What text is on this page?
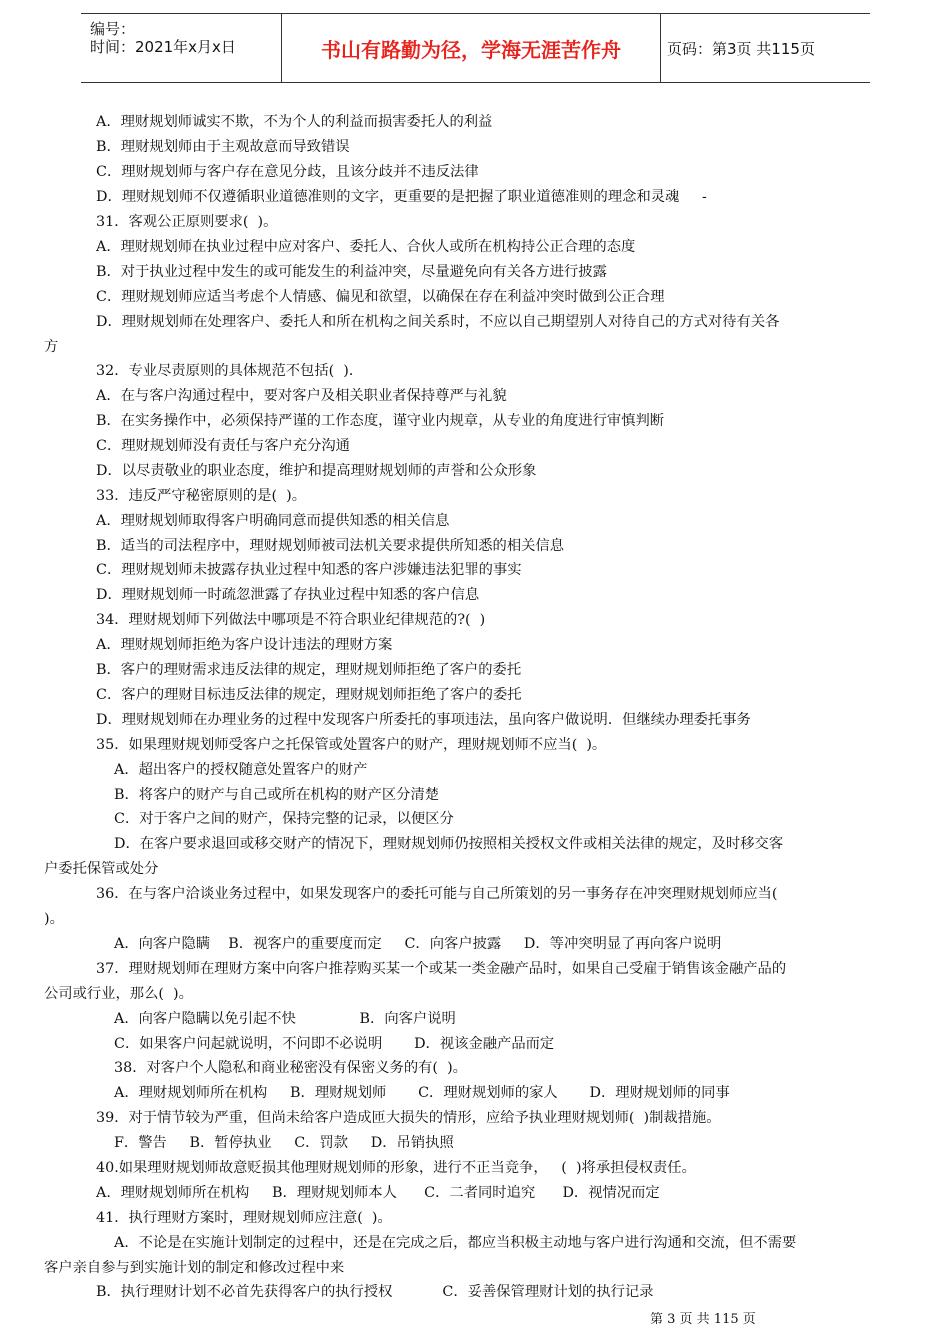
编号：
时间：2021年x月x日	书山有路勤为径，学海无涯苦作舟	页码：第3页 共115页
A．理财规划师诚实不欺，不为个人的利益而损害委托人的利益
B．理财规划师由于主观故意而导致错误
C．理财规划师与客户存在意见分歧，且该分歧并不违反法律
D．理财规划师不仅遵循职业道德准则的文字，更重要的是把握了职业道德准则的理念和灵魂     -
31．客观公正原则要求(  )。
A．理财规划师在执业过程中应对客户、委托人、合伙人或所在机构持公正合理的态度
B．对于执业过程中发生的或可能发生的利益冲突，尽量避免向有关各方进行披露
C．理财规划师应适当考虑个人情感、偏见和欲望，以确保在存在利益冲突时做到公正合理
D．理财规划师在处理客户、委托人和所在机构之间关系时，不应以自己期望别人对待自己的方式对待有关各
方
32．专业尽责原则的具体规范不包括(  )．
A．在与客户沟通过程中，要对客户及相关职业者保持尊严与礼貌
B．在实务操作中，必须保持严谨的工作态度，谨守业内规章，从专业的角度进行审慎判断
C．理财规划师没有责任与客户充分沟通
D．以尽责敬业的职业态度，维护和提高理财规划师的声誉和公众形象
33．违反严守秘密原则的是(  )。
A．理财规划师取得客户明确同意而提供知悉的相关信息
B．适当的司法程序中，理财规划师被司法机关要求提供所知悉的相关信息
C．理财规划师未披露存执业过程中知悉的客户涉嫌违法犯罪的事实
D．理财规划师一时疏忽泄露了存执业过程中知悉的客户信息
34．理财规划师下列做法中哪项是不符合职业纪律规范的?(  )
A．理财规划师拒绝为客户设计违法的理财方案
B．客户的理财需求违反法律的规定，理财规划师拒绝了客户的委托
C．客户的理财目标违反法律的规定，理财规划师拒绝了客户的委托
D．理财规划师在办理业务的过程中发现客户所委托的事项违法，虽向客户做说明．但继续办理委托事务
35．如果理财规划师受客户之托保管或处置客户的财产，理财规划师不应当(  )。
A．超出客户的授权随意处置客户的财产
B．将客户的财产与自己或所在机构的财产区分清楚
C．对于客户之间的财产，保持完整的记录，以便区分
D．在客户要求退回或移交财产的情况下，理财规划师仍按照相关授权文件或相关法律的规定，及时移交客
户委托保管或处分
36．在与客户洽谈业务过程中，如果发现客户的委托可能与自己所策划的另一事务存在冲突理财规划师应当(
)。
A．向客户隐瞒    B．视客户的重要度而定     C．向客户披露     D．等冲突明显了再向客户说明
37．理财规划师在理财方案中向客户推荐购买某一个或某一类金融产品时，如果自己受雇于销售该金融产品的
公司或行业，那么(  )。
A．向客户隐瞒以免引起不快              B．向客户说明
C．如果客户问起就说明，不问即不必说明       D．视该金融产品而定
38．对客户个人隐私和商业秘密没有保密义务的有(  )。
A．理财规划师所在机构     B．理财规划师       C．理财规划师的家人       D．理财规划师的同事
39．对于情节较为严重，但尚未给客户造成匝大损失的情形，应给予执业理财规划师(  )制裁措施。
F．警告     B．暂停执业     C．罚款     D．吊销执照
40.如果理财规划师故意贬损其他理财规划师的形象，进行不正当竞争，   (  )将承担侵权责任。
A．理财规划师所在机构     B．理财规划师本人      C．二者同时追究      D．视情况而定
41．执行理财方案时，理财规划师应注意(  )。
A．不论是在实施计划制定的过程中，还是在完成之后，都应当积极主动地与客户进行沟通和交流，但不需要
客户亲自参与到实施计划的制定和修改过程中来
B．执行理财计划不必首先获得客户的执行授权           C．妥善保管理财计划的执行记录
第 3 页 共 115 页
